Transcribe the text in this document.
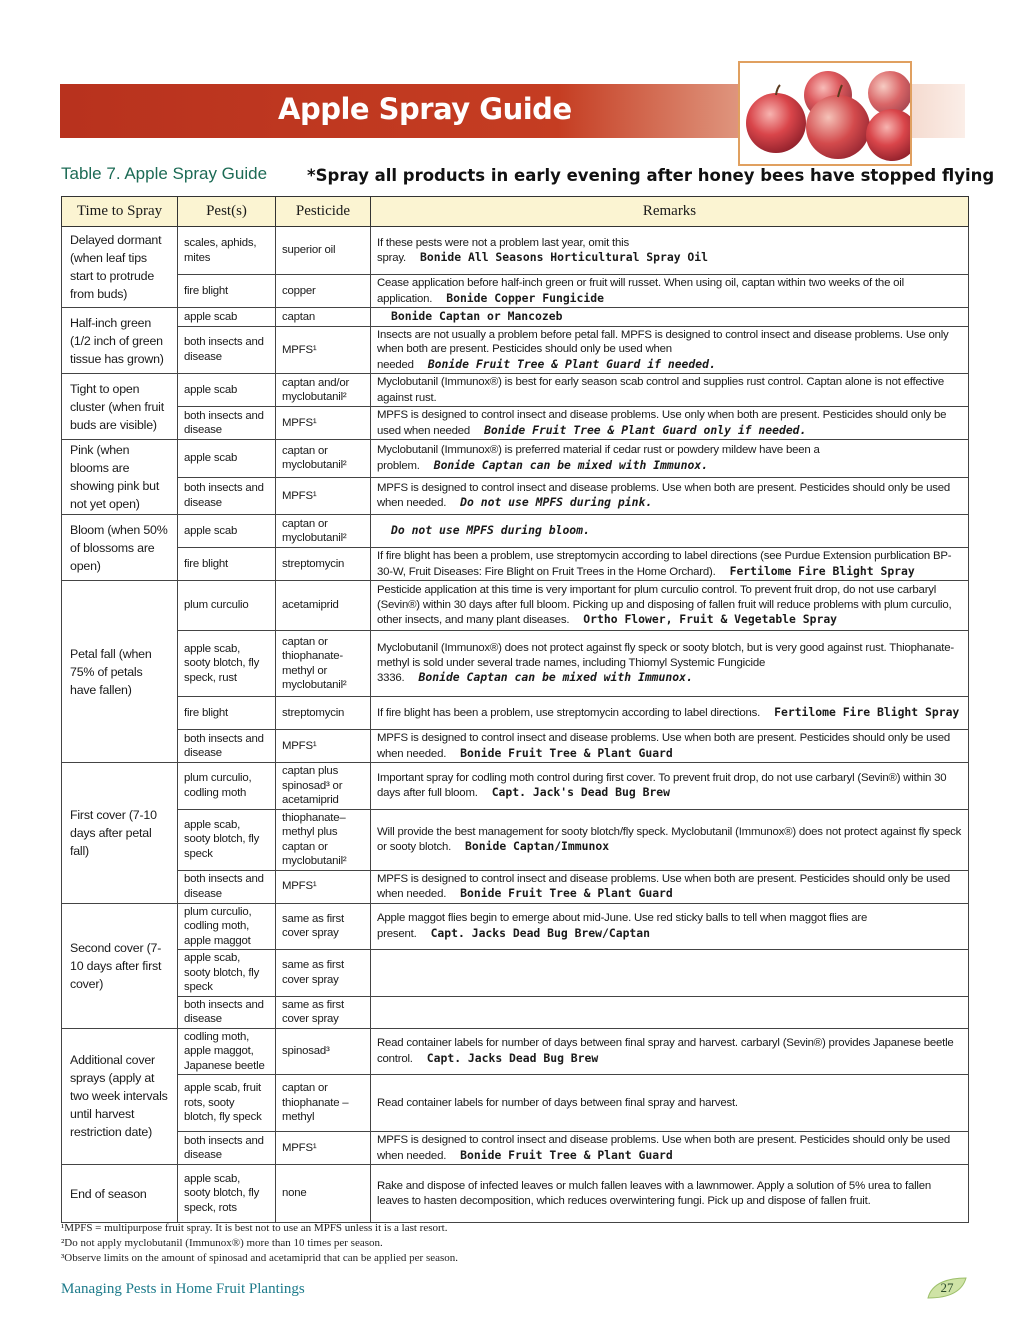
Apple Spray Guide
Table 7. Apple Spray Guide *Spray all products in early evening after honey bees have stopped flying
Time to Spray	Pest(s)	Pesticide	Remarks
Delayed dormant (when leaf tips start to protrude from buds)	scales, aphids, mites	superior oil	If these pests were not a problem last year, omit this spray. Bonide All Seasons Horticultural Spray Oil
	fire blight	copper	Cease application before half-inch green or fruit will russet. When using oil, captan within two weeks of the oil application. Bonide Copper Fungicide
Half-inch green (1/2 inch of green tissue has grown)	apple scab	captan	Bonide Captan or Mancozeb
	both insects and disease	MPFS¹	Insects are not usually a problem before petal fall. MPFS is designed to control insect and disease problems. Use only when both are present. Pesticides should only be used when needed Bonide Fruit Tree & Plant Guard if needed.
Tight to open cluster (when fruit buds are visible)	apple scab	captan and/or myclobutanil²	Myclobutanil (Immunox®) is best for early season scab control and supplies rust control. Captan alone is not effective against rust.
	both insects and disease	MPFS¹	MPFS is designed to control insect and disease problems. Use only when both are present. Pesticides should only be used when needed Bonide Fruit Tree & Plant Guard only if needed.
Pink (when blooms are showing pink but not yet open)	apple scab	captan or myclobutanil²	Myclobutanil (Immunox®) is preferred material if cedar rust or powdery mildew have been a problem. Bonide Captan can be mixed with Immunox.
	both insects and disease	MPFS¹	MPFS is designed to control insect and disease problems. Use when both are present. Pesticides should only be used when needed. Do not use MPFS during pink.
Bloom (when 50% of blossoms are open)	apple scab	captan or myclobutanil²	Do not use MPFS during bloom.
	fire blight	streptomycin	If fire blight has been a problem, use streptomycin according to label directions (see Purdue Extension purblication BP-30-W, Fruit Diseases: Fire Blight on Fruit Trees in the Home Orchard). Fertilome Fire Blight Spray
Petal fall (when 75% of petals have fallen)	plum curculio	acetamiprid	Pesticide application at this time is very important for plum curculio control. To prevent fruit drop, do not use carbaryl (Sevin®) within 30 days after full bloom. Picking up and disposing of fallen fruit will reduce problems with plum curculio, other insects, and many plant diseases. Ortho Flower, Fruit & Vegetable Spray
	apple scab, sooty blotch, fly speck, rust	captan or thiophanate-methyl or myclobutanil²	Myclobutanil (Immunox®) does not protect against fly speck or sooty blotch, but is very good against rust. Thiophanate-methyl is sold under several trade names, including Thiomyl Systemic Fungicide 3336. Bonide Captan can be mixed with Immunox.
	fire blight	streptomycin	If fire blight has been a problem, use streptomycin according to label directions. Fertilome Fire Blight Spray
	both insects and disease	MPFS¹	MPFS is designed to control insect and disease problems. Use when both are present. Pesticides should only be used when needed. Bonide Fruit Tree & Plant Guard
First cover (7-10 days after petal fall)	plum curculio, codling moth	captan plus spinosad³ or acetamiprid	Important spray for codling moth control during first cover. To prevent fruit drop, do not use carbaryl (Sevin®) within 30 days after full bloom. Capt. Jack's Dead Bug Brew
	apple scab, sooty blotch, fly speck	thiophanate–methyl plus captan or myclobutanil²	Will provide the best management for sooty blotch/fly speck. Myclobutanil (Immunox®) does not protect against fly speck or sooty blotch. Bonide Captan/Immunox
	both insects and disease	MPFS¹	MPFS is designed to control insect and disease problems. Use when both are present. Pesticides should only be used when needed. Bonide Fruit Tree & Plant Guard
Second cover (7-10 days after first cover)	plum curculio, codling moth, apple maggot	same as first cover spray	Apple maggot flies begin to emerge about mid-June. Use red sticky balls to tell when maggot flies are present. Capt. Jacks Dead Bug Brew/Captan
	apple scab, sooty blotch, fly speck	same as first cover spray	
	both insects and disease	same as first cover spray	
Additional cover sprays (apply at two week intervals until harvest restriction date)	codling moth, apple maggot, Japanese beetle	spinosad³	Read container labels for number of days between final spray and harvest. carbaryl (Sevin®) provides Japanese beetle control. Capt. Jacks Dead Bug Brew
	apple scab, fruit rots, sooty blotch, fly speck	captan or thiophanate –methyl	Read container labels for number of days between final spray and harvest.
	both insects and disease	MPFS¹	MPFS is designed to control insect and disease problems. Use when both are present. Pesticides should only be used when needed. Bonide Fruit Tree & Plant Guard
End of season	apple scab, sooty blotch, fly speck, rots	none	Rake and dispose of infected leaves or mulch fallen leaves with a lawnmower. Apply a solution of 5% urea to fallen leaves to hasten decomposition, which reduces overwintering fungi. Pick up and dispose of fallen fruit.
¹MPFS = multipurpose fruit spray. It is best not to use an MPFS unless it is a last resort.
²Do not apply myclobutanil (Immunox®) more than 10 times per season.
³Observe limits on the amount of spinosad and acetamiprid that can be applied per season.
Managing Pests in Home Fruit Plantings	27
